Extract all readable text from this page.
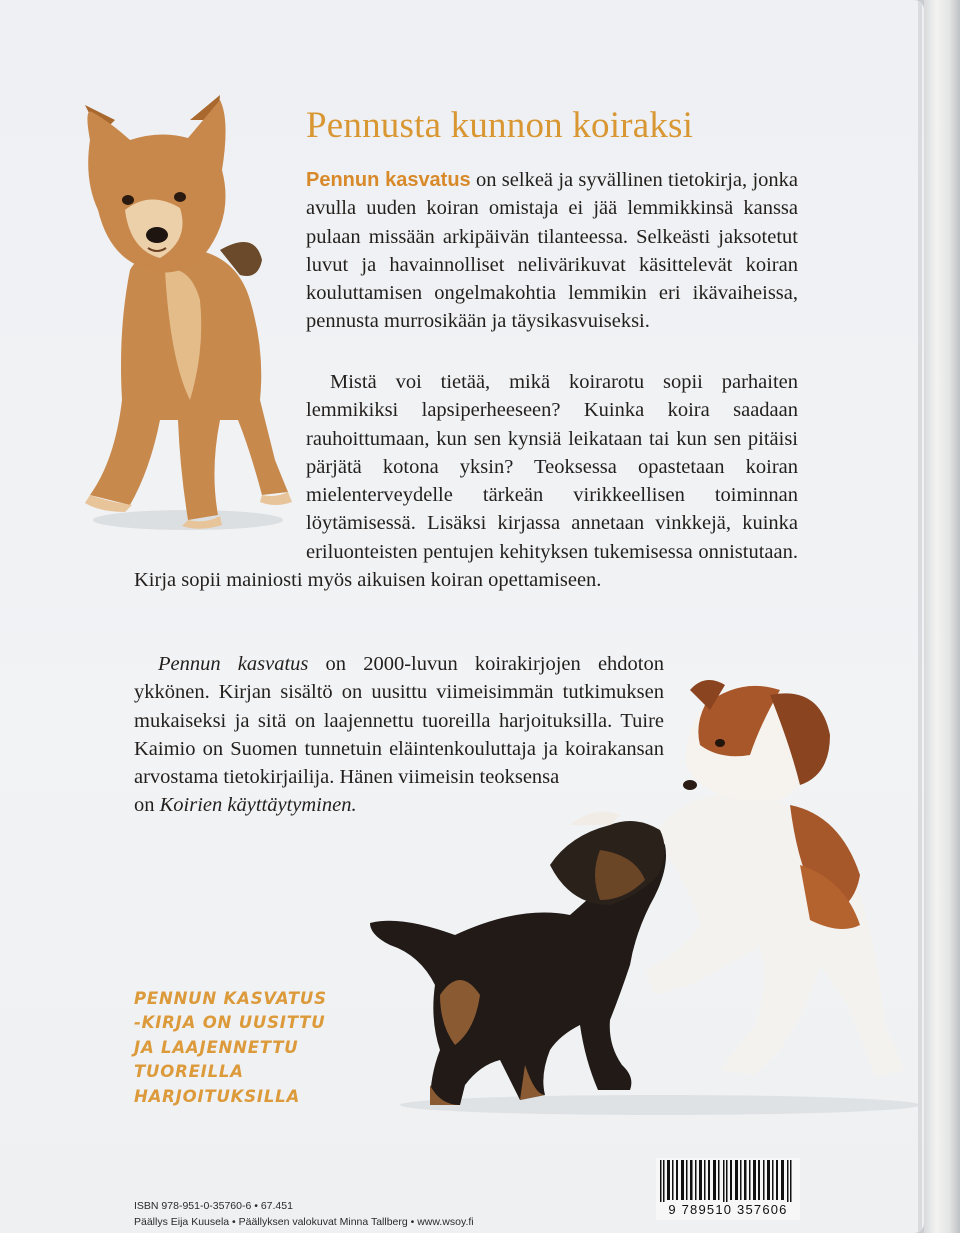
Pennusta kunnon koiraksi

Pennun kasvatus on selkeä ja syvällinen tietokirja, jonka avulla uuden koiran omistaja ei jää lemmikkinsä kanssa pulaan missään arkipäivän tilanteessa. Selkeästi jaksotetut luvut ja havainnolliset nelivärikuvat käsittelevät koiran kouluttamisen ongelmakohtia lemmikin eri ikävaiheissa, pennusta murrosikään ja täysikasvuiseksi.

Mistä voi tietää, mikä koirarotu sopii parhaiten lemmikiksi lapsiperheeseen? Kuinka koira saadaan rauhoittumaan, kun sen kynsiä leikataan tai kun sen pitäisi pärjätä kotona yksin? Teoksessa opastetaan koiran mielenterveydelle tärkeän virikkeellisen toiminnan löytämisessä. Lisäksi kirjassa annetaan vinkkejä, kuinka eriluonteisten pentujen kehityksen tukemisessa onnistutaan. Kirja sopii mainiosti myös aikuisen koiran opettamiseen.

Pennun kasvatus on 2000-luvun koirakirjojen ehdoton ykkönen. Kirjan sisältö on uusittu viimeisimmän tutkimuksen mukaiseksi ja sitä on laajennettu tuoreilla harjoituksilla. Tuire Kaimio on Suomen tunnetuin eläintenkouluttaja ja koirakansan arvostama tietokirjailija. Hänen viimeisin teoksensa

on Koirien käyttäytyminen.

PENNUN KASVATUS
-KIRJA ON UUSITTU
JA LAAJENNETTU
TUOREILLA
HARJOITUKSILLA
ISBN 978-951-0-35760-6 • 67.451
Päällys Eija Kuusela • Päällyksen valokuvat Minna Tallberg • www.wsoy.fi
9 789510 357606
